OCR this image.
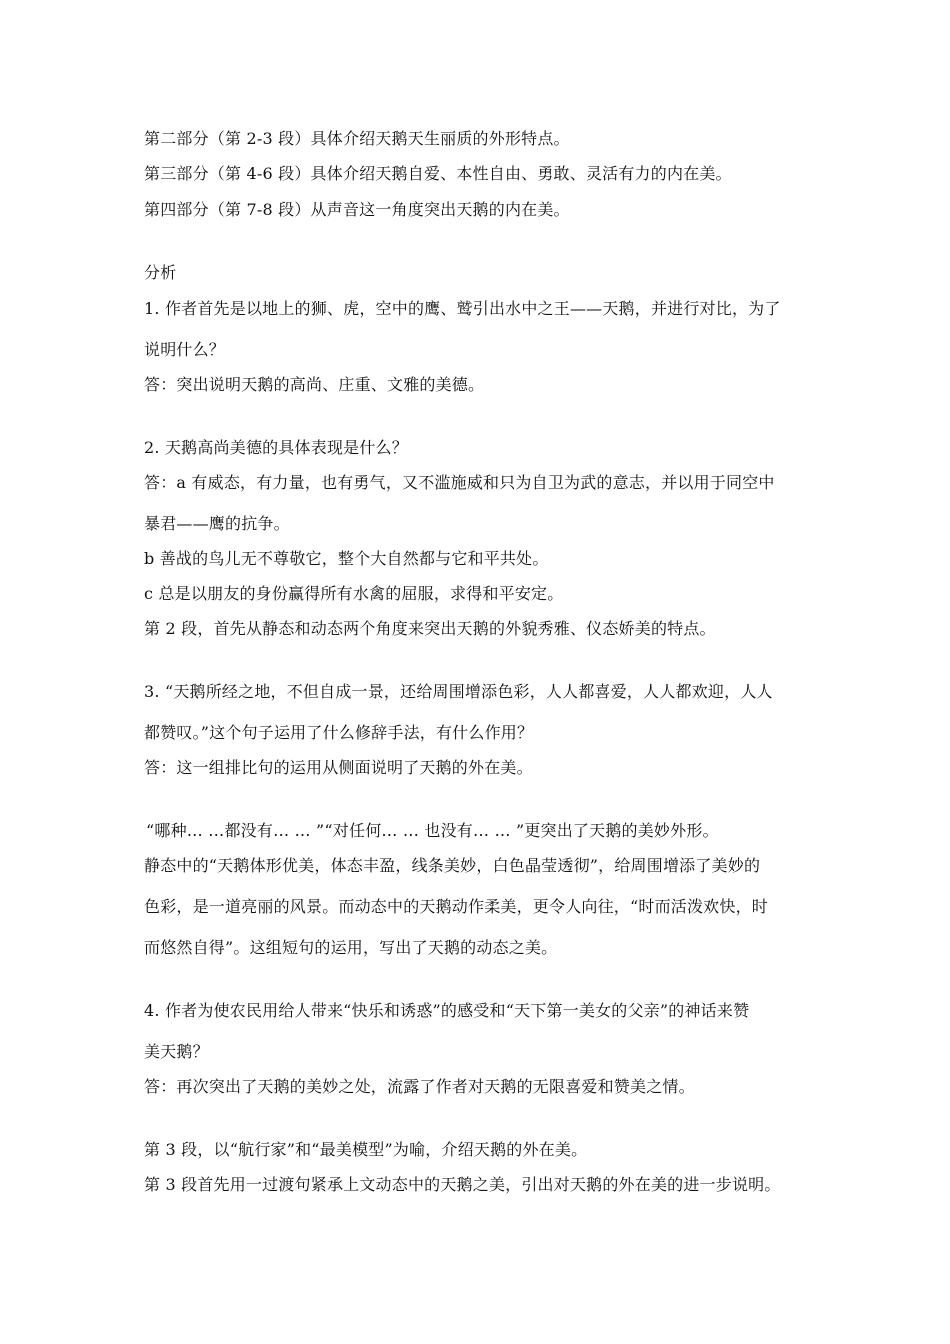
第二部分（第 2-3 段）具体介绍天鹅天生丽质的外形特点。
第三部分（第 4-6 段）具体介绍天鹅自爱、本性自由、勇敢、灵活有力的内在美。
第四部分（第 7-8 段）从声音这一角度突出天鹅的内在美。
分析
1. 作者首先是以地上的狮、虎，空中的鹰、鹫引出水中之王——天鹅，并进行对比，为了
说明什么？
答：突出说明天鹅的高尚、庄重、文雅的美德。
2. 天鹅高尚美德的具体表现是什么？
答：a 有威态，有力量，也有勇气，又不滥施威和只为自卫为武的意志，并以用于同空中
暴君——鹰的抗争。
b 善战的鸟儿无不尊敬它，整个大自然都与它和平共处。
c 总是以朋友的身份赢得所有水禽的屈服，求得和平安定。
第 2 段，首先从静态和动态两个角度来突出天鹅的外貌秀雅、仪态娇美的特点。
3. “天鹅所经之地，不但自成一景，还给周围增添色彩，人人都喜爱，人人都欢迎，人人
都赞叹。”这个句子运用了什么修辞手法，有什么作用？
答：这一组排比句的运用从侧面说明了天鹅的外在美。
“哪种… …都没有… … ”“对任何… … 也没有… … ”更突出了天鹅的美妙外形。
静态中的“天鹅体形优美，体态丰盈，线条美妙，白色晶莹透彻”，给周围增添了美妙的
色彩，是一道亮丽的风景。而动态中的天鹅动作柔美，更令人向往，“时而活泼欢快，时
而悠然自得”。这组短句的运用，写出了天鹅的动态之美。
4. 作者为使农民用给人带来“快乐和诱惑”的感受和“天下第一美女的父亲”的神话来赞
美天鹅？
答：再次突出了天鹅的美妙之处，流露了作者对天鹅的无限喜爱和赞美之情。
第 3 段，以“航行家”和“最美模型”为喻，介绍天鹅的外在美。
第 3 段首先用一过渡句紧承上文动态中的天鹅之美，引出对天鹅的外在美的进一步说明。
